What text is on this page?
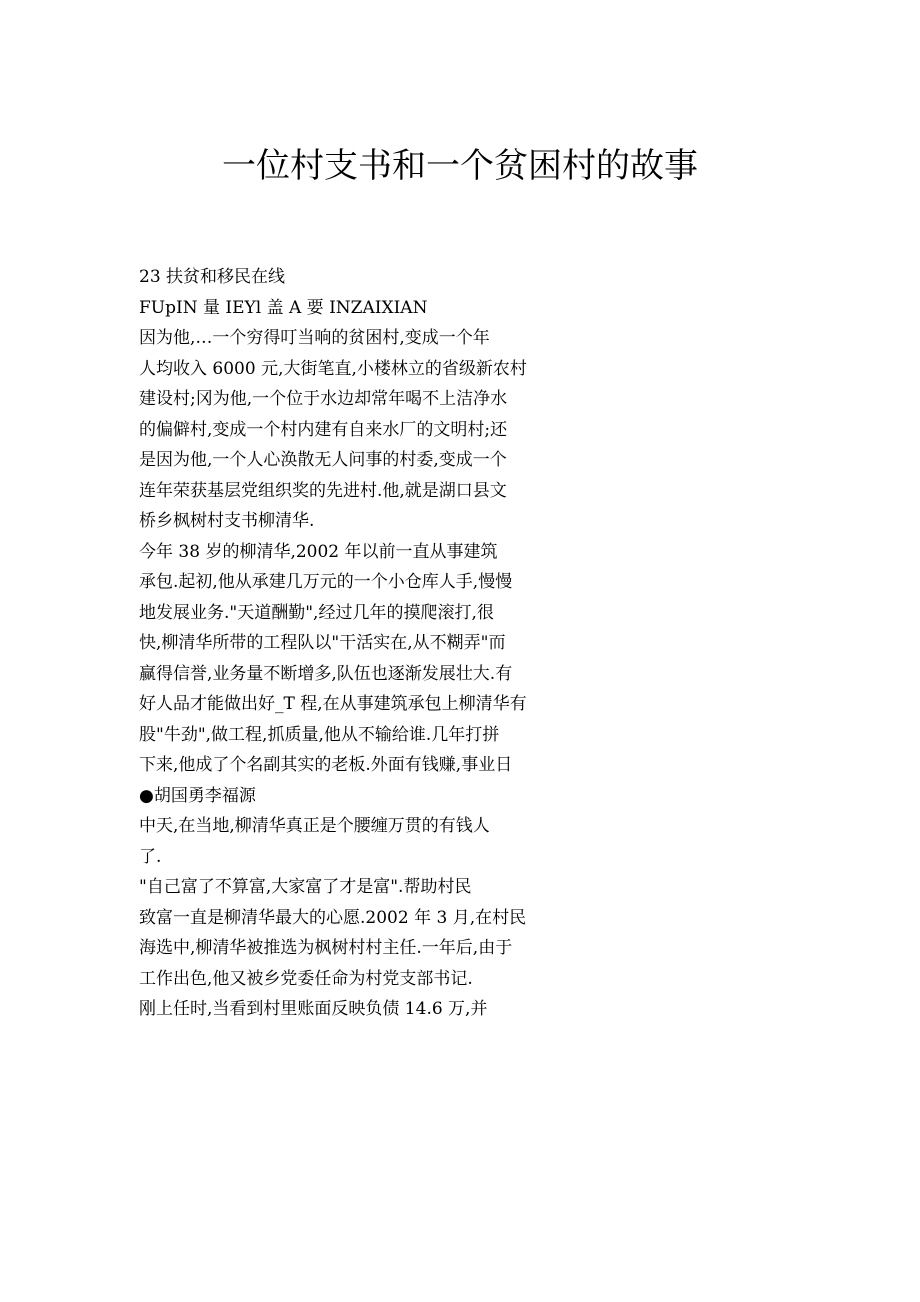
一位村支书和一个贫困村的故事
23 扶贫和移民在线
FUpIN 量 IEYl 盖 A 要 INZAIXIAN
因为他,…一个穷得叮当响的贫困村,变成一个年
人均收入 6000 元,大街笔直,小楼林立的省级新农村
建设村;冈为他,一个位于水边却常年喝不上洁净水
的偏僻村,变成一个村内建有自来水厂的文明村;还
是因为他,一个人心涣散无人问事的村委,变成一个
连年荣获基层党组织奖的先进村.他,就是湖口县文
桥乡枫树村支书柳清华.
今年 38 岁的柳清华,2002 年以前一直从事建筑
承包.起初,他从承建几万元的一个小仓库人手,慢慢
地发展业务."天道酬勤",经过几年的摸爬滚打,很
快,柳清华所带的工程队以"干活实在,从不糊弄"而
赢得信誉,业务量不断增多,队伍也逐渐发展壮大.有
好人品才能做出好_T 程,在从事建筑承包上柳清华有
股"牛劲",做工程,抓质量,他从不输给谁.几年打拼
下来,他成了个名副其实的老板.外面有钱赚,事业日
●胡国勇李福源
中天,在当地,柳清华真正是个腰缠万贯的有钱人
了.
"自己富了不算富,大家富了才是富".帮助村民
致富一直是柳清华最大的心愿.2002 年 3 月,在村民
海选中,柳清华被推选为枫树村村主任.一年后,由于
工作出色,他又被乡党委任命为村党支部书记.
刚上任时,当看到村里账面反映负债 14.6 万,并
